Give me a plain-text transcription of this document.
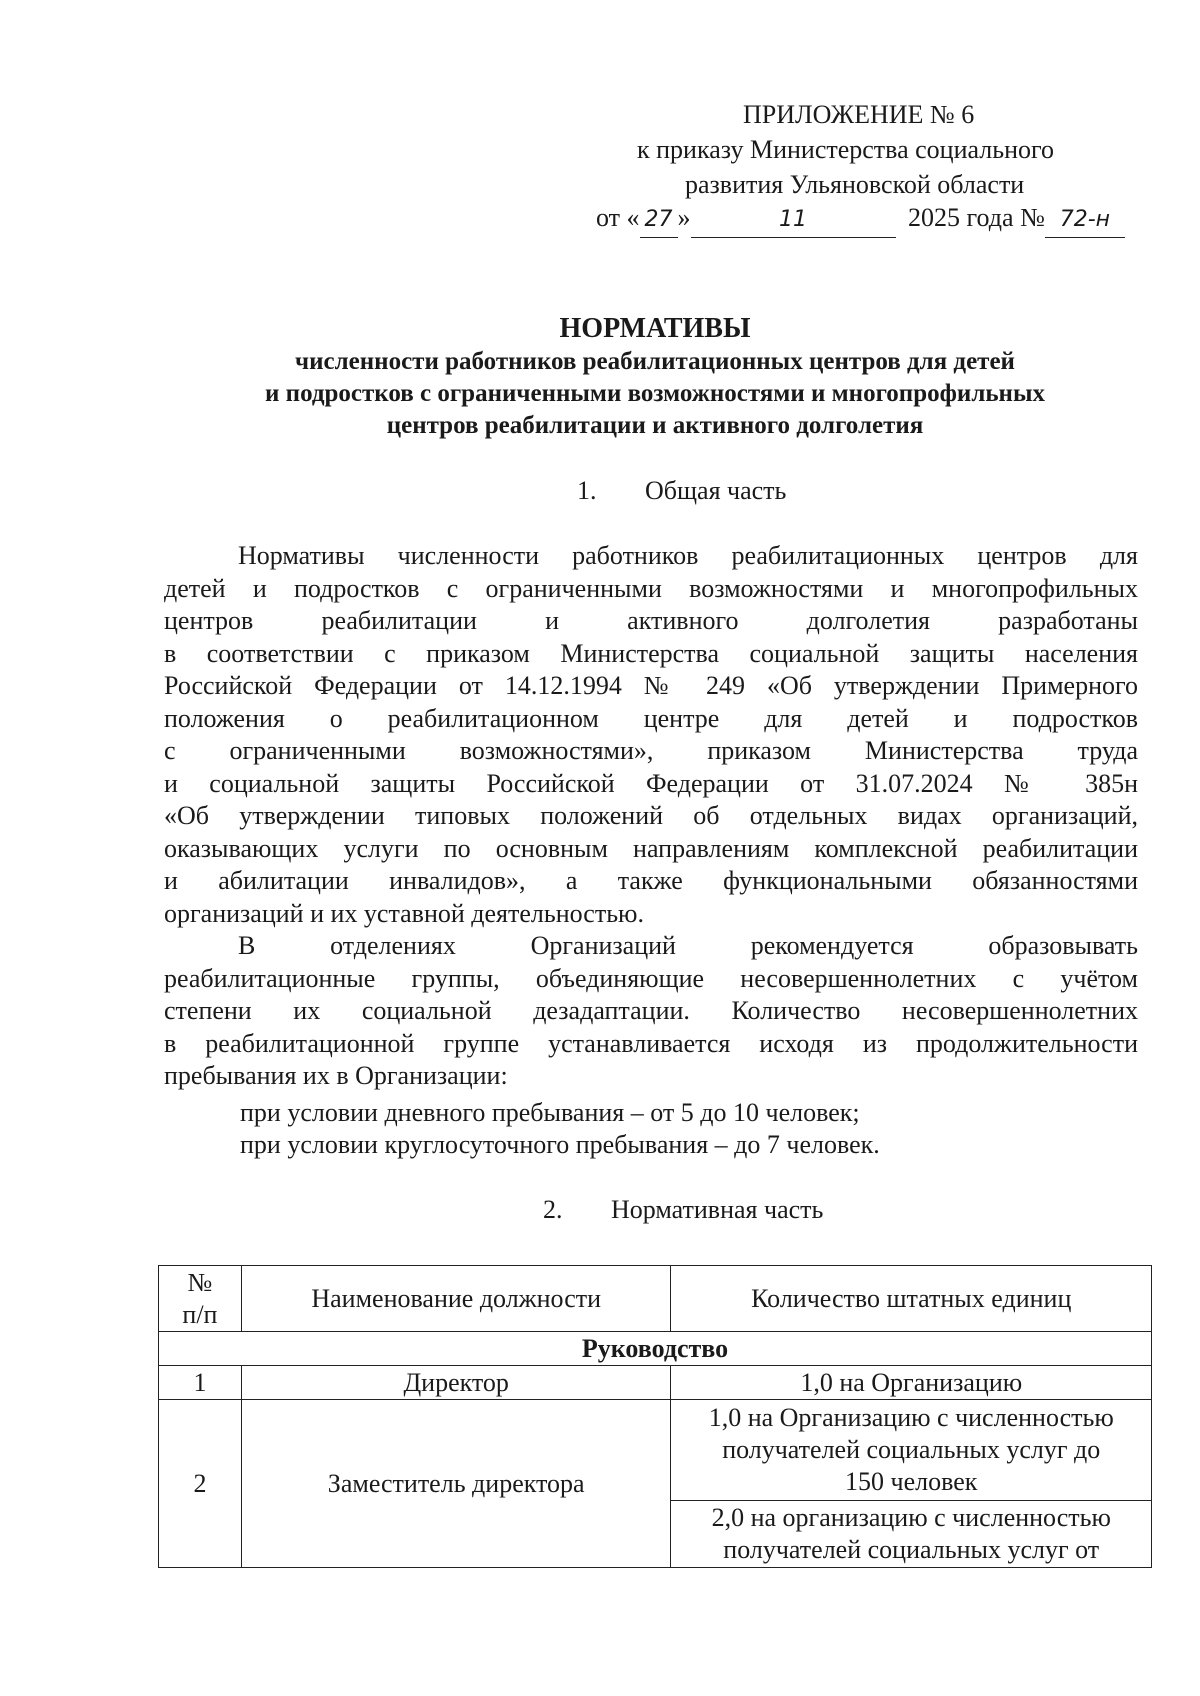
ПРИЛОЖЕНИЕ № 6
к приказу Министерства социального
развития Ульяновской области
от « 27 »	11	2025 года № 72-н
НОРМАТИВЫ
численности работников реабилитационных центров для детей
и подростков с ограниченными возможностями и многопрофильных
центров реабилитации и активного долголетия
1. Общая часть
Нормативы численности работников реабилитационных центров для
детей и подростков с ограниченными возможностями и многопрофильных
центров реабилитации и активного долголетия разработаны
в соответствии с приказом Министерства социальной защиты населения
Российской Федерации от 14.12.1994 № 249 «Об утверждении Примерного
положения о реабилитационном центре для детей и подростков
с ограниченными возможностями», приказом Министерства труда
и социальной защиты Российской Федерации от 31.07.2024 № 385н
«Об утверждении типовых положений об отдельных видах организаций,
оказывающих услуги по основным направлениям комплексной реабилитации
и абилитации инвалидов», а также функциональными обязанностями
организаций и их уставной деятельностью.
В отделениях Организаций рекомендуется образовывать
реабилитационные группы, объединяющие несовершеннолетних с учётом
степени их социальной дезадаптации. Количество несовершеннолетних
в реабилитационной группе устанавливается исходя из продолжительности
пребывания их в Организации:
при условии дневного пребывания – от 5 до 10 человек;
при условии круглосуточного пребывания – до 7 человек.
2. Нормативная часть
№
п/п	Наименование должности	Количество штатных единиц
Руководство		
1	Директор	1,0 на Организацию
2	Заместитель директора	1,0 на Организацию с численностью
получателей социальных услуг до
150 человек

		2,0 на организацию с численностью
получателей социальных услуг от
